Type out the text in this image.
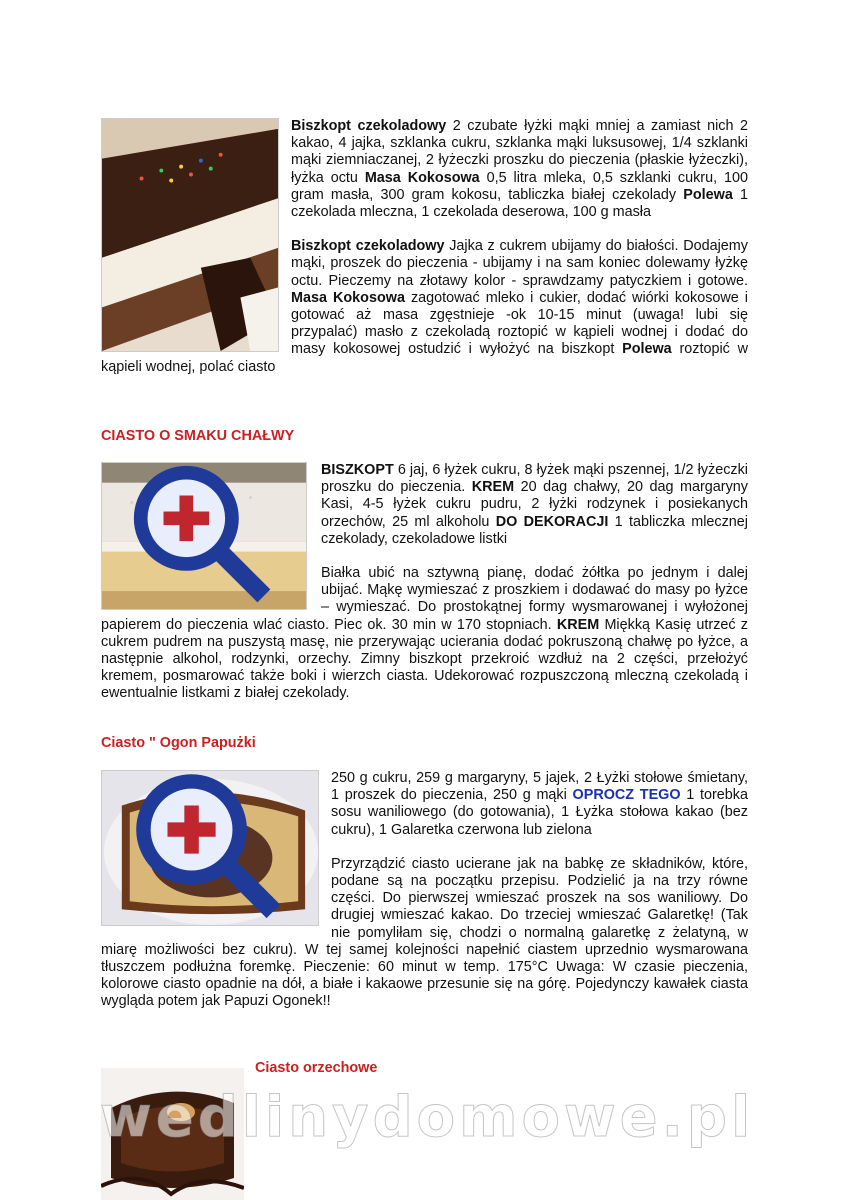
Biszkopt czekoladowy 2 czubate łyżki mąki mniej a zamiast nich 2 kakao, 4 jajka, szklanka cukru, szklanka mąki luksusowej, 1/4 szklanki mąki ziemniaczanej, 2 łyżeczki proszku do pieczenia (płaskie łyżeczki), łyżka octu Masa Kokosowa 0,5 litra mleka, 0,5 szklanki cukru, 100 gram masła, 300 gram kokosu, tabliczka białej czekolady Polewa 1 czekolada mleczna, 1 czekolada deserowa, 100 g masła

Biszkopt czekoladowy Jajka z cukrem ubijamy do białości. Dodajemy mąki, proszek do pieczenia - ubijamy i na sam koniec dolewamy łyżkę octu. Pieczemy na złotawy kolor - sprawdzamy patyczkiem i gotowe. Masa Kokosowa zagotować mleko i cukier, dodać wiórki kokosowe i gotować aż masa zgęstnieje -ok 10-15 minut (uwaga! lubi się przypalać) masło z czekoladą roztopić w kąpieli wodnej i dodać do masy kokosowej ostudzić i wyłożyć na biszkopt Polewa roztopić w kąpieli wodnej, polać ciasto

CIASTO O SMAKU CHAŁWY

BISZKOPT 6 jaj, 6 łyżek cukru, 8 łyżek mąki pszennej, 1/2 łyżeczki proszku do pieczenia. KREM 20 dag chałwy, 20 dag margaryny Kasi, 4-5 łyżek cukru pudru, 2 łyżki rodzynek i posiekanych orzechów, 25 ml alkoholu DO DEKORACJI 1 tabliczka mlecznej czekolady, czekoladowe listki

Białka ubić na sztywną pianę, dodać żółtka po jednym i dalej ubijać. Mąkę wymieszać z proszkiem i dodawać do masy po łyżce – wymieszać. Do prostokątnej formy wysmarowanej i wyłożonej papierem do pieczenia wlać ciasto. Piec ok. 30 min w 170 stopniach. KREM Miękką Kasię utrzeć z cukrem pudrem na puszystą masę, nie przerywając ucierania dodać pokruszoną chałwę po łyżce, a następnie alkohol, rodzynki, orzechy. Zimny biszkopt przekroić wzdłuż na 2 części, przełożyć kremem, posmarować także boki i wierzch ciasta. Udekorować rozpuszczoną mleczną czekoladą i ewentualnie listkami z białej czekolady.

Ciasto " Ogon Papużki

250 g cukru, 259 g margaryny, 5 jajek, 2 Łyżki stołowe śmietany, 1 proszek do pieczenia, 250 g mąki OPROCZ TEGO 1 torebka sosu waniliowego (do gotowania), 1 Łyżka stołowa kakao (bez cukru), 1 Galaretka czerwona lub zielona

Przyrządzić ciasto ucierane jak na babkę ze składników, które, podane są na początku przepisu. Podzielić ja na trzy równe części. Do pierwszej wmieszać proszek na sos waniliowy. Do drugiej wmieszać kakao. Do trzeciej wmieszać Galaretkę! (Tak nie pomyliłam się, chodzi o normalną galaretkę z żelatyną, w miarę możliwości bez cukru). W tej samej kolejności napełnić ciastem uprzednio wysmarowana tłuszczem podłużna foremkę. Pieczenie: 60 minut w temp. 175°C Uwaga: W czasie pieczenia, kolorowe ciasto opadnie na dół, a białe i kakaowe przesunie się na górę. Pojedynczy kawałek ciasta wygląda potem jak Papuzi Ogonek!!

Ciasto orzechowe
wedlinydomowe.pl
